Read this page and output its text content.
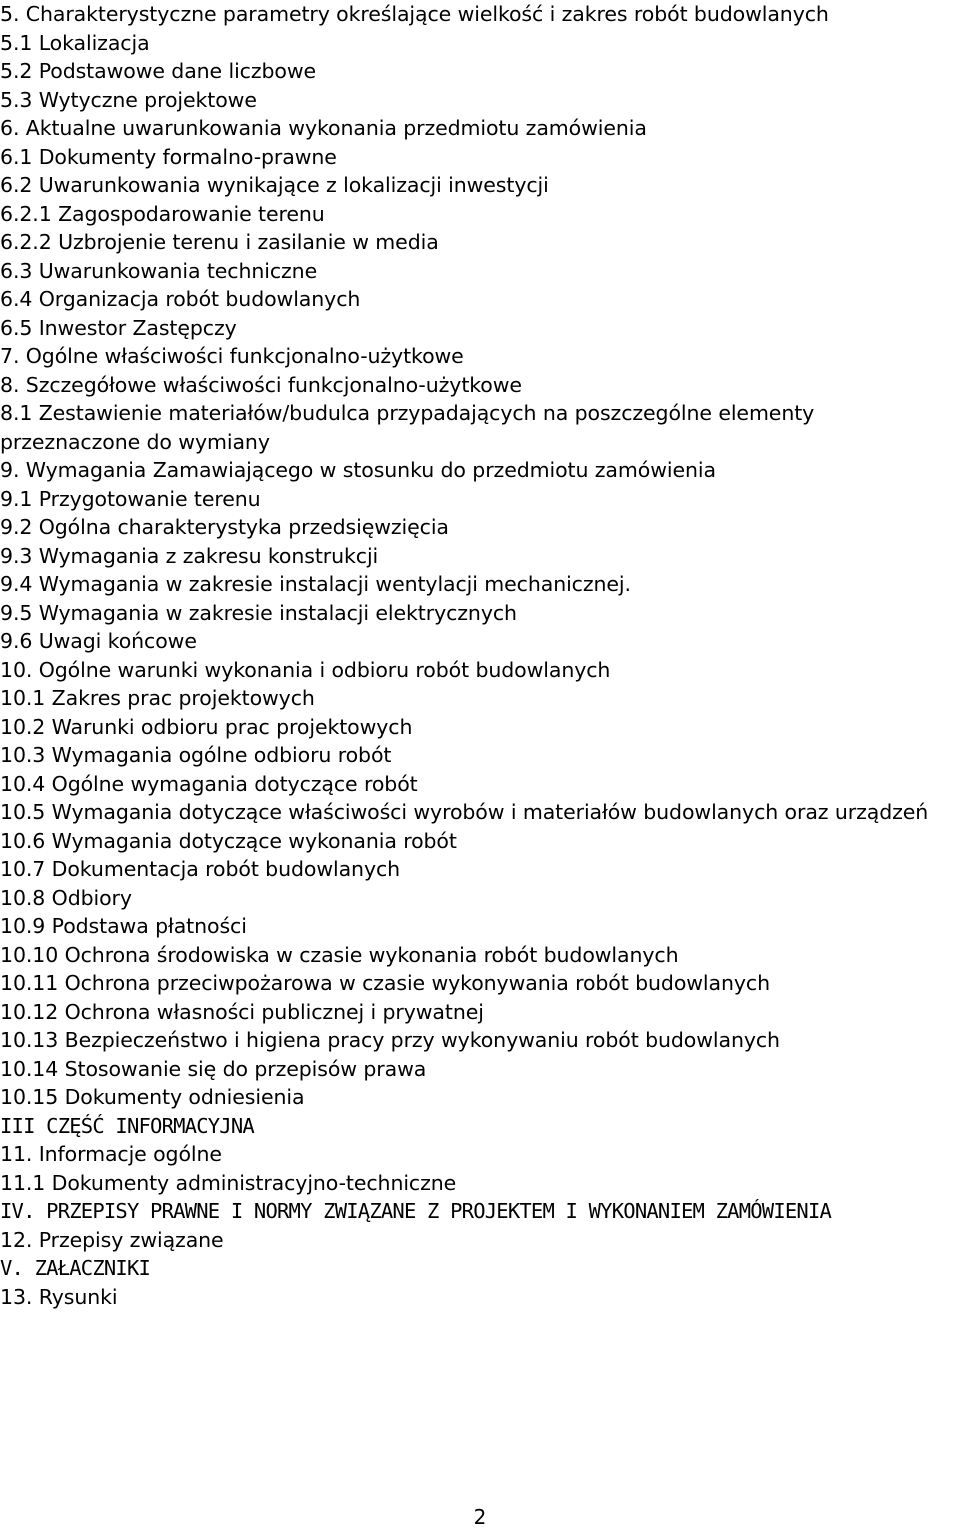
5. Charakterystyczne parametry określające wielkość i zakres robót budowlanych
5.1 Lokalizacja
5.2 Podstawowe dane liczbowe
5.3 Wytyczne projektowe
6. Aktualne uwarunkowania wykonania przedmiotu zamówienia
6.1 Dokumenty formalno-prawne
6.2 Uwarunkowania wynikające z lokalizacji inwestycji
6.2.1 Zagospodarowanie terenu
6.2.2 Uzbrojenie terenu i zasilanie w media
6.3 Uwarunkowania techniczne
6.4 Organizacja robót budowlanych
6.5 Inwestor Zastępczy
7. Ogólne właściwości funkcjonalno-użytkowe
8. Szczegółowe właściwości funkcjonalno-użytkowe
8.1 Zestawienie materiałów/budulca przypadających na poszczególne elementy przeznaczone do wymiany
9. Wymagania Zamawiającego w stosunku do przedmiotu zamówienia
9.1 Przygotowanie terenu
9.2 Ogólna charakterystyka przedsięwzięcia
9.3 Wymagania z zakresu konstrukcji
9.4 Wymagania w zakresie instalacji wentylacji mechanicznej.
9.5 Wymagania w zakresie instalacji elektrycznych
9.6 Uwagi końcowe
10. Ogólne warunki wykonania i odbioru robót budowlanych
10.1 Zakres prac projektowych
10.2 Warunki odbioru prac projektowych
10.3 Wymagania ogólne odbioru robót
10.4 Ogólne wymagania dotyczące robót
10.5 Wymagania dotyczące właściwości wyrobów i materiałów budowlanych oraz urządzeń
10.6 Wymagania dotyczące wykonania robót
10.7 Dokumentacja robót budowlanych
10.8 Odbiory
10.9 Podstawa płatności
10.10 Ochrona środowiska w czasie wykonania robót budowlanych
10.11 Ochrona przeciwpożarowa w czasie wykonywania robót budowlanych
10.12 Ochrona własności publicznej i prywatnej
10.13 Bezpieczeństwo i higiena pracy przy wykonywaniu robót budowlanych
10.14 Stosowanie się do przepisów prawa
10.15 Dokumenty odniesienia
III CZĘŚĆ INFORMACYJNA
11. Informacje ogólne
11.1 Dokumenty administracyjno-techniczne
IV. PRZEPISY PRAWNE I NORMY ZWIĄZANE Z PROJEKTEM I WYKONANIEM ZAMÓWIENIA
12. Przepisy związane
V. ZAŁACZNIKI
13. Rysunki
2
